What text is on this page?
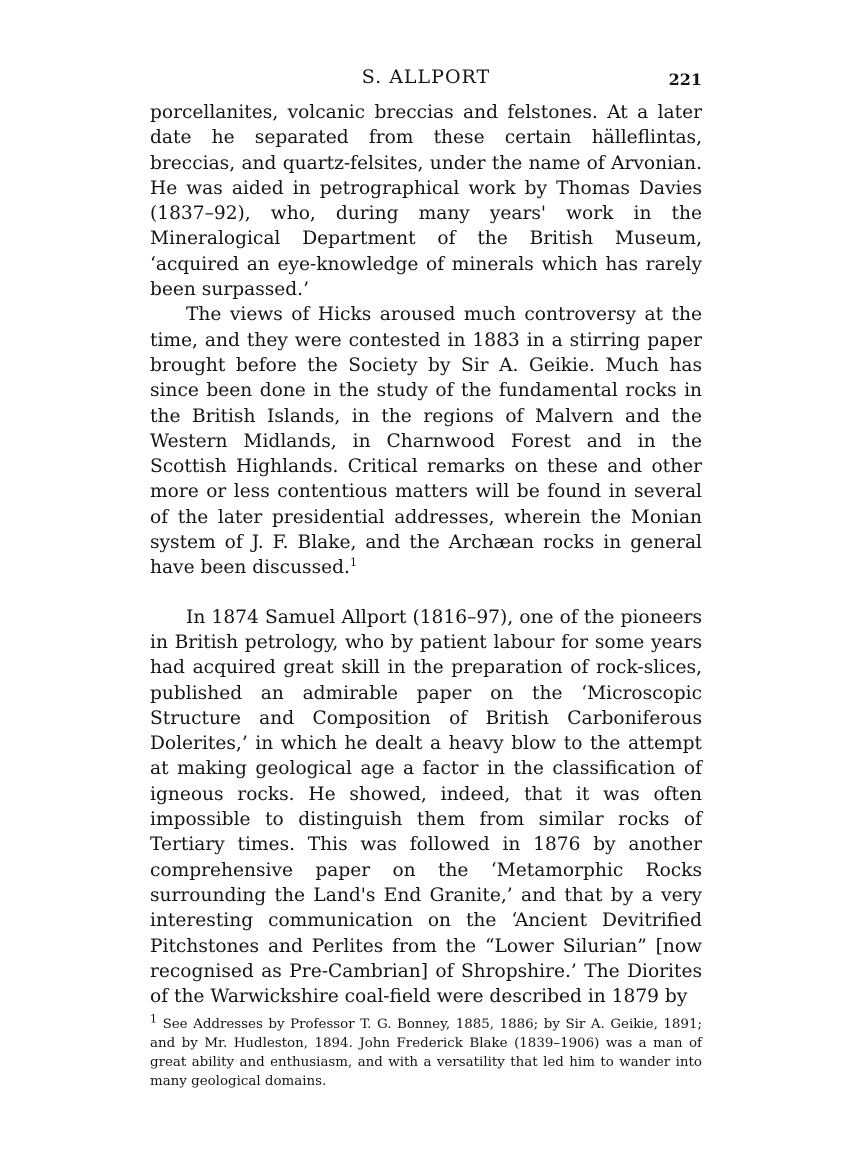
S. ALLPORT	221

porcellanites, volcanic breccias and felstones. At a later date he separated from these certain hälleflintas, breccias, and quartz-felsites, under the name of Arvonian. He was aided in petrographical work by Thomas Davies (1837–92), who, during many years' work in the Mineralogical Department of the British Museum, ‘acquired an eye-knowledge of minerals which has rarely been surpassed.’

The views of Hicks aroused much controversy at the time, and they were contested in 1883 in a stirring paper brought before the Society by Sir A. Geikie. Much has since been done in the study of the fundamental rocks in the British Islands, in the regions of Malvern and the Western Midlands, in Charnwood Forest and in the Scottish Highlands. Critical remarks on these and other more or less contentious matters will be found in several of the later presidential addresses, wherein the Monian system of J. F. Blake, and the Archæan rocks in general have been discussed.$^1$

In 1874 Samuel Allport (1816–97), one of the pioneers in British petrology, who by patient labour for some years had acquired great skill in the preparation of rock-slices, published an admirable paper on the ‘Microscopic Structure and Composition of British Carboniferous Dolerites,’ in which he dealt a heavy blow to the attempt at making geological age a factor in the classification of igneous rocks. He showed, indeed, that it was often impossible to distinguish them from similar rocks of Tertiary times. This was followed in 1876 by another comprehensive paper on the ‘Metamorphic Rocks surrounding the Land's End Granite,’ and that by a very interesting communication on the ‘Ancient Devitrified Pitchstones and Perlites from the “Lower Silurian” [now recognised as Pre-Cambrian] of Shropshire.’ The Diorites of the Warwickshire coal-field were described in 1879 by

$^1$ See Addresses by Professor T. G. Bonney, 1885, 1886; by Sir A. Geikie, 1891; and by Mr. Hudleston, 1894. John Frederick Blake (1839–1906) was a man of great ability and enthusiasm, and with a versatility that led him to wander into many geological domains.
